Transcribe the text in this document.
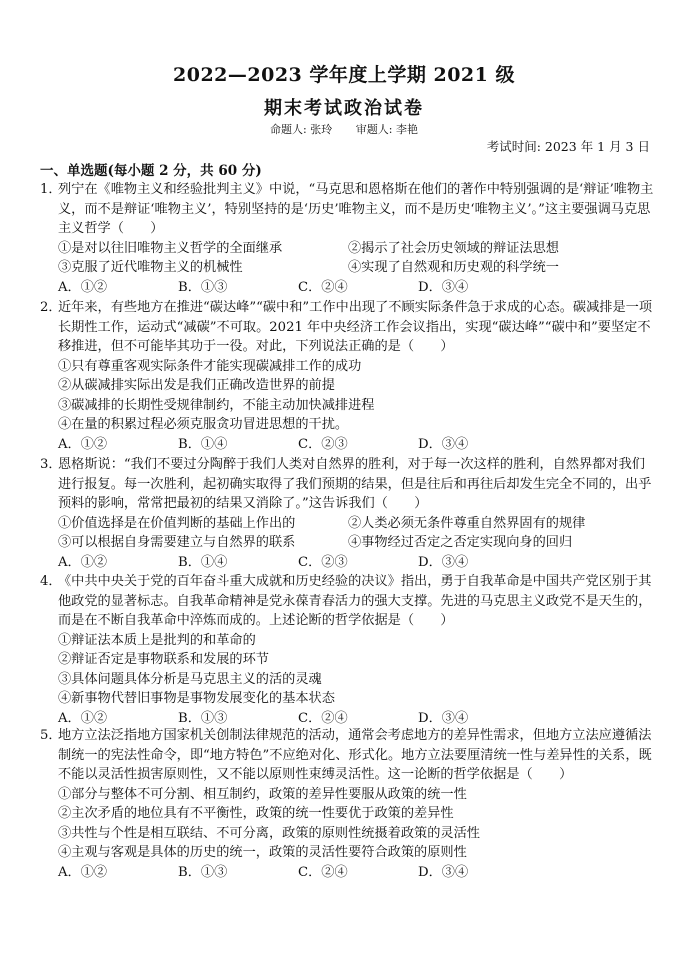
2022—2023 学年度上学期 2021 级
期末考试政治试卷
命题人: 张玲 审题人: 李艳
考试时间: 2023 年 1 月 3 日
一、单选题(每小题 2 分，共 60 分)
1．
列宁在《唯物主义和经验批判主义》中说，“马克思和恩格斯在他们的著作中特别强调的是‘辩证’唯物主义，而不是辩证‘唯物主义’，特别坚持的是‘历史’唯物主义，而不是历史‘唯物主义’。”这主要强调马克思主义哲学（　　）
①是对以往旧唯物主义哲学的全面继承	②揭示了社会历史领域的辩证法思想
③克服了近代唯物主义的机械性	④实现了自然观和历史观的科学统一
A．①②	B．①③	C．②④	D．③④
2．
近年来，有些地方在推进“碳达峰”“碳中和”工作中出现了不顾实际条件急于求成的心态。碳减排是一项长期性工作，运动式“减碳”不可取。2021 年中央经济工作会议指出，实现“碳达峰”“碳中和”要坚定不移推进，但不可能毕其功于一役。对此，下列说法正确的是（　　）
①只有尊重客观实际条件才能实现碳减排工作的成功
②从碳减排实际出发是我们正确改造世界的前提
③碳减排的长期性受规律制约，不能主动加快减排进程
④在量的积累过程必须克服贪功冒进思想的干扰。
A．①②	B．①④	C．②③	D．③④
3．
恩格斯说：“我们不要过分陶醉于我们人类对自然界的胜利，对于每一次这样的胜利，自然界都对我们进行报复。每一次胜利，起初确实取得了我们预期的结果，但是往后和再往后却发生完全不同的，出乎预料的影响，常常把最初的结果又消除了。”这告诉我们（　　）
①价值选择是在价值判断的基础上作出的	②人类必须无条件尊重自然界固有的规律
③可以根据自身需要建立与自然界的联系	④事物经过否定之否定实现向身的回归
A．①②	B．①④	C．②③	D．③④
4．
《中共中央关于党的百年奋斗重大成就和历史经验的决议》指出，勇于自我革命是中国共产党区别于其他政党的显著标志。自我革命精神是党永葆青春活力的强大支撑。先进的马克思主义政党不是天生的，而是在不断自我革命中淬炼而成的。上述论断的哲学依据是（　　）
①辩证法本质上是批判的和革命的
②辩证否定是事物联系和发展的环节
③具体问题具体分析是马克思主义的活的灵魂
④新事物代替旧事物是事物发展变化的基本状态
A．①②	B．①③	C．②④	D．③④
5．
地方立法泛指地方国家机关创制法律规范的活动，通常会考虑地方的差异性需求，但地方立法应遵循法制统一的宪法性命令，即“地方特色”不应绝对化、形式化。地方立法要厘清统一性与差异性的关系，既不能以灵活性损害原则性，又不能以原则性束缚灵活性。这一论断的哲学依据是（　　）
①部分与整体不可分割、相互制约，政策的差异性要服从政策的统一性
②主次矛盾的地位具有不平衡性，政策的统一性要优于政策的差异性
③共性与个性是相互联结、不可分离，政策的原则性统摄着政策的灵活性
④主观与客观是具体的历史的统一，政策的灵活性要符合政策的原则性
A．①②	B．①③	C．②④	D．③④
